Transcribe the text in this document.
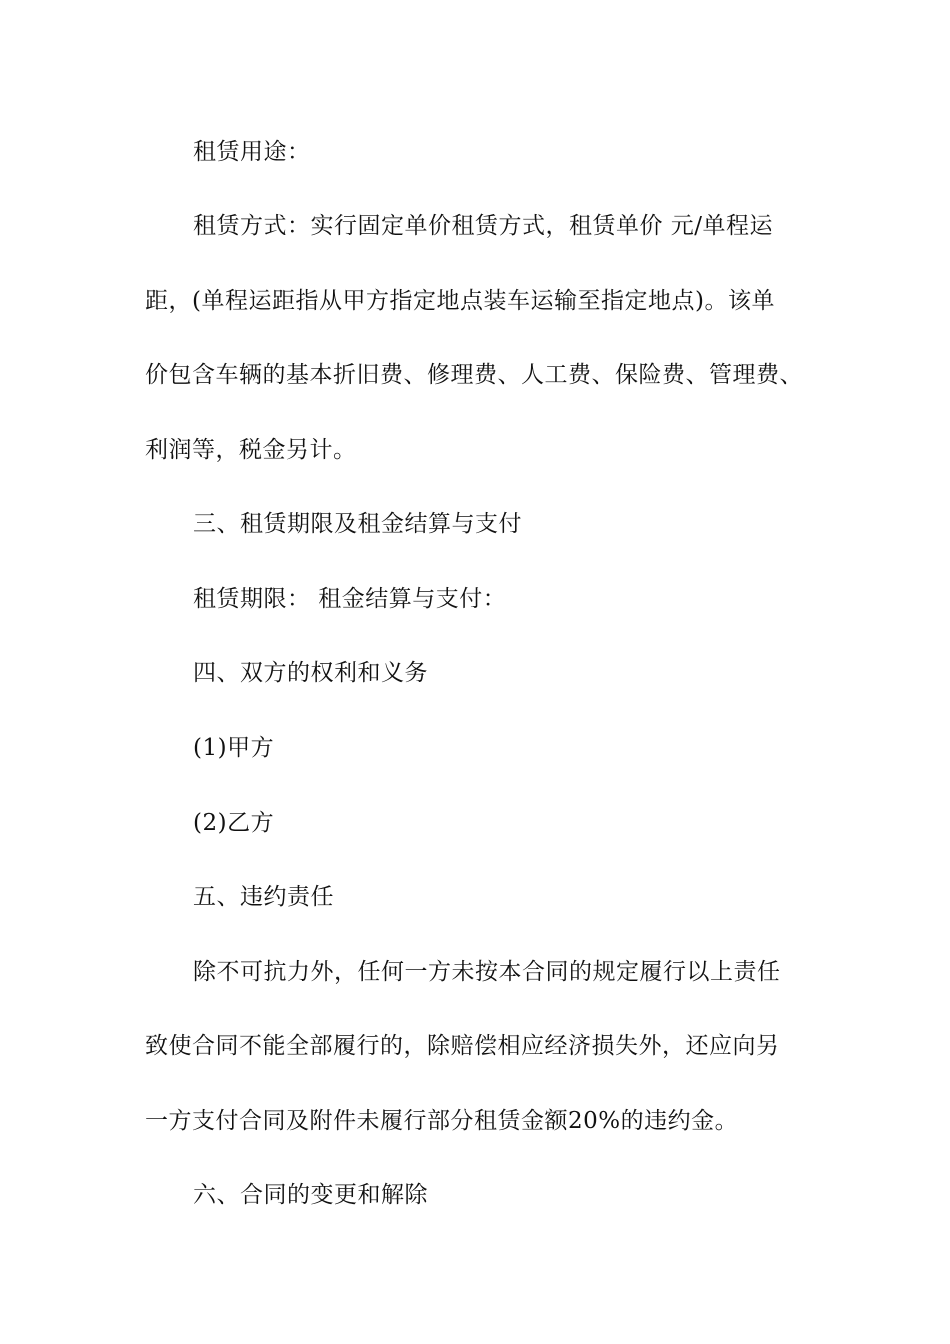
租赁用途：
租赁方式：实行固定单价租赁方式，租赁单价 元/单程运
距，(单程运距指从甲方指定地点装车运输至指定地点)。该单
价包含车辆的基本折旧费、修理费、人工费、保险费、管理费、
利润等，税金另计。
三、租赁期限及租金结算与支付
租赁期限： 租金结算与支付：
四、双方的权利和义务
(1)甲方
(2)乙方
五、违约责任
除不可抗力外，任何一方未按本合同的规定履行以上责任
致使合同不能全部履行的，除赔偿相应经济损失外，还应向另
一方支付合同及附件未履行部分租赁金额20%的违约金。
六、合同的变更和解除
